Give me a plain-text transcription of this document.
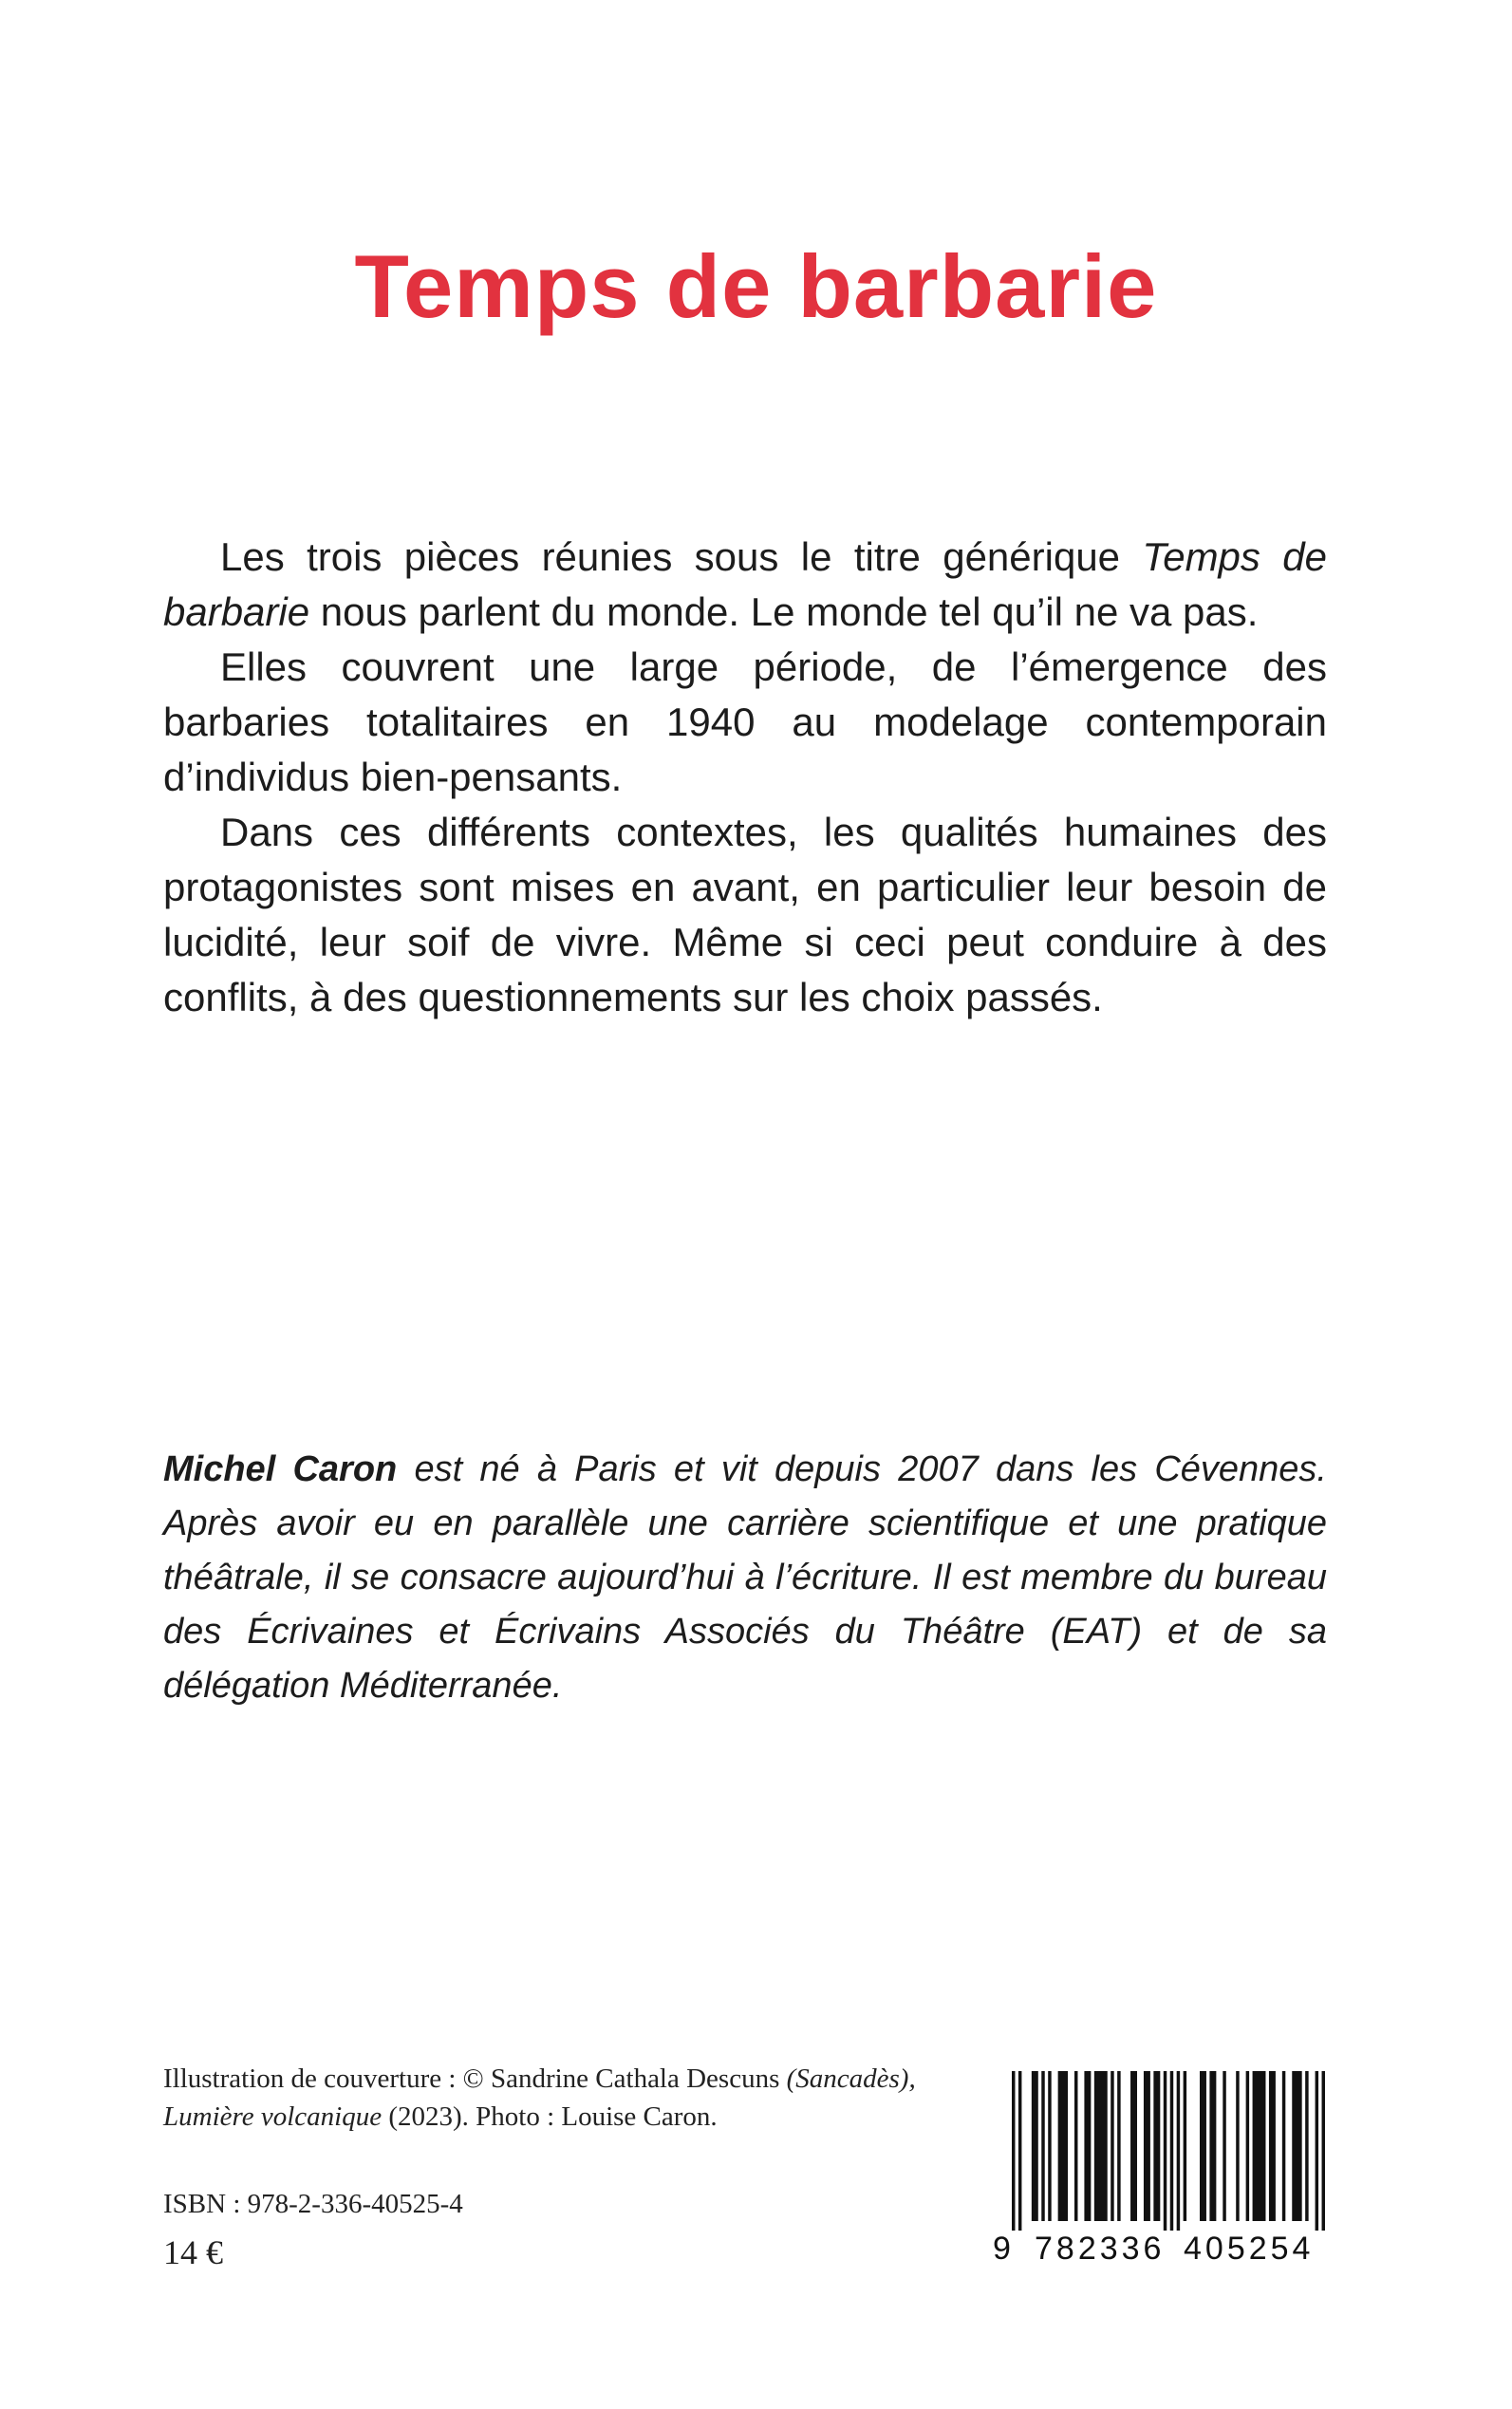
Temps de barbarie

Les trois pièces réunies sous le titre générique Temps de barbarie nous parlent du monde. Le monde tel qu’il ne va pas.

Elles couvrent une large période, de l’émergence des barbaries totalitaires en 1940 au modelage contemporain d’individus bien-pensants.

Dans ces différents contextes, les qualités humaines des protagonistes sont mises en avant, en particulier leur besoin de lucidité, leur soif de vivre. Même si ceci peut conduire à des conflits, à des questionnements sur les choix passés.

Michel Caron est né à Paris et vit depuis 2007 dans les Cévennes. Après avoir eu en parallèle une carrière scientifique et une pratique théâtrale, il se consacre aujourd’hui à l’écriture. Il est membre du bureau des Écrivaines et Écrivains Associés du Théâtre (EAT) et de sa délégation Méditerranée.

Illustration de couverture : © Sandrine Cathala Descuns (Sancadès),

Lumière volcanique (2023). Photo : Louise Caron.

ISBN : 978-2-336-40525-4
14 €	9 782336 405254
